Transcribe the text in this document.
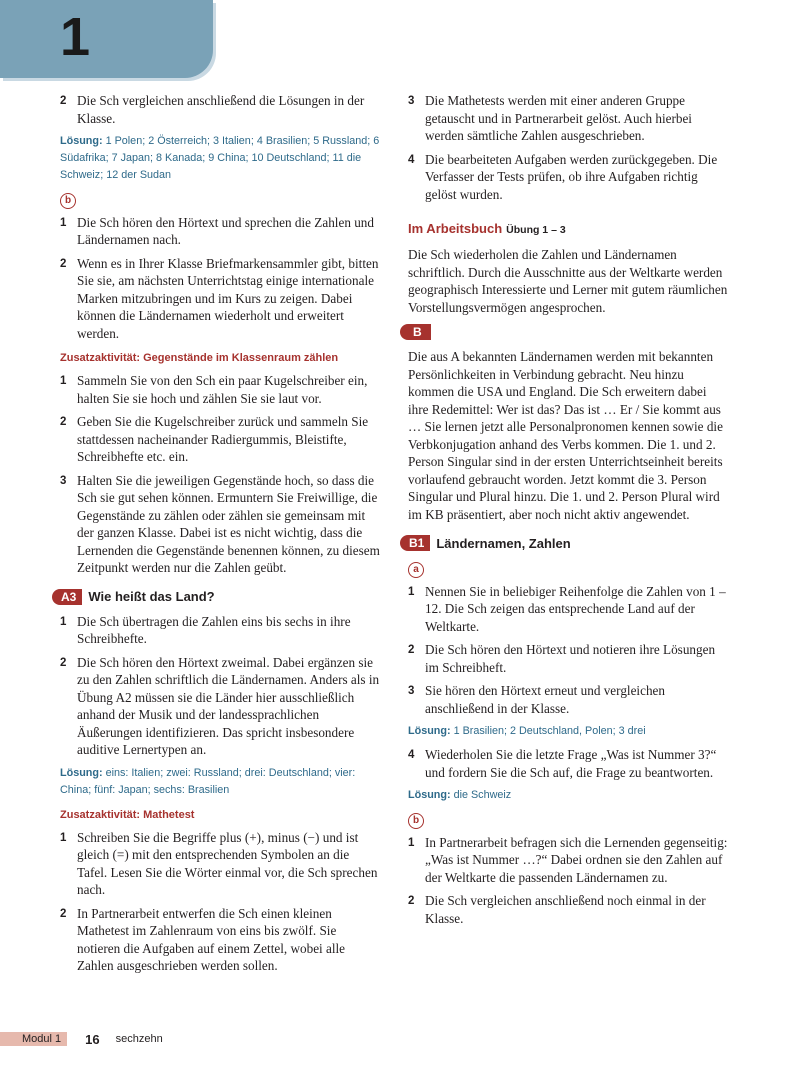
1
2 Die Sch vergleichen anschließend die Lösungen in der Klasse.
Lösung: 1 Polen; 2 Österreich; 3 Italien; 4 Brasilien; 5 Russland; 6 Südafrika; 7 Japan; 8 Kanada; 9 China; 10 Deutschland; 11 die Schweiz; 12 der Sudan
b
1 Die Sch hören den Hörtext und sprechen die Zahlen und Ländernamen nach.
2 Wenn es in Ihrer Klasse Briefmarkensammler gibt, bitten Sie sie, am nächsten Unterrichtstag einige internationale Marken mitzubringen und im Kurs zu zeigen. Dabei können die Ländernamen wiederholt und erweitert werden.
Zusatzaktivität: Gegenstände im Klassenraum zählen
1 Sammeln Sie von den Sch ein paar Kugelschreiber ein, halten Sie sie hoch und zählen Sie sie laut vor.
2 Geben Sie die Kugelschreiber zurück und sammeln Sie stattdessen nacheinander Radiergummis, Bleistifte, Schreibhefte etc. ein.
3 Halten Sie die jeweiligen Gegenstände hoch, so dass die Sch sie gut sehen können. Ermuntern Sie Freiwillige, die Gegenstände zu zählen oder zählen sie gemeinsam mit der ganzen Klasse. Dabei ist es nicht wichtig, dass die Lernenden die Gegenstände benennen können, zu diesem Zeitpunkt werden nur die Zahlen geübt.
A3 Wie heißt das Land?
1 Die Sch übertragen die Zahlen eins bis sechs in ihre Schreibhefte.
2 Die Sch hören den Hörtext zweimal. Dabei ergänzen sie zu den Zahlen schriftlich die Ländernamen. Anders als in Übung A2 müssen sie die Länder hier ausschließlich anhand der Musik und der landessprachlichen Äußerungen identifizieren. Das spricht insbesondere auditive Lernertypen an.
Lösung: eins: Italien; zwei: Russland; drei: Deutschland; vier: China; fünf: Japan; sechs: Brasilien
Zusatzaktivität: Mathetest
1 Schreiben Sie die Begriffe plus (+), minus (−) und ist gleich (=) mit den entsprechenden Symbolen an die Tafel. Lesen Sie die Wörter einmal vor, die Sch sprechen nach.
2 In Partnerarbeit entwerfen die Sch einen kleinen Mathetest im Zahlenraum von eins bis zwölf. Sie notieren die Aufgaben auf einem Zettel, wobei alle Zahlen ausgeschrieben werden sollen.
3 Die Mathetests werden mit einer anderen Gruppe getauscht und in Partnerarbeit gelöst. Auch hierbei werden sämtliche Zahlen ausgeschrieben.
4 Die bearbeiteten Aufgaben werden zurückgegeben. Die Verfasser der Tests prüfen, ob ihre Aufgaben richtig gelöst wurden.
Im Arbeitsbuch Übung 1 – 3

Die Sch wiederholen die Zahlen und Ländernamen schriftlich. Durch die Ausschnitte aus der Weltkarte werden geographisch Interessierte und Lerner mit gutem räumlichen Vorstellungsvermögen angesprochen.

B

Die aus A bekannten Ländernamen werden mit bekannten Persönlichkeiten in Verbindung gebracht. Neu hinzu kommen die USA und England. Die Sch erweitern dabei ihre Redemittel: Wer ist das? Das ist … Er / Sie kommt aus … Sie lernen jetzt alle Personalpronomen kennen sowie die Verbkonjugation anhand des Verbs kommen. Die 1. und 2. Person Singular sind in der ersten Unterrichtseinheit bereits vorlaufend gebraucht worden. Jetzt kommt die 3. Person Singular und Plural hinzu. Die 1. und 2. Person Plural wird im KB präsentiert, aber noch nicht aktiv angewendet.

B1 Ländernamen, Zahlen
a
1 Nennen Sie in beliebiger Reihenfolge die Zahlen von 1 – 12. Die Sch zeigen das entsprechende Land auf der Weltkarte.
2 Die Sch hören den Hörtext und notieren ihre Lösungen im Schreibheft.
3 Sie hören den Hörtext erneut und vergleichen anschließend in der Klasse.
Lösung: 1 Brasilien; 2 Deutschland, Polen; 3 drei
4 Wiederholen Sie die letzte Frage „Was ist Nummer 3?“ und fordern Sie die Sch auf, die Frage zu beantworten.
Lösung: die Schweiz
b
1 In Partnerarbeit befragen sich die Lernenden gegenseitig: „Was ist Nummer …?“ Dabei ordnen sie den Zahlen auf der Weltkarte die passenden Ländernamen zu.
2 Die Sch vergleichen anschließend noch einmal in der Klasse.
Modul 1	16 sechzehn
